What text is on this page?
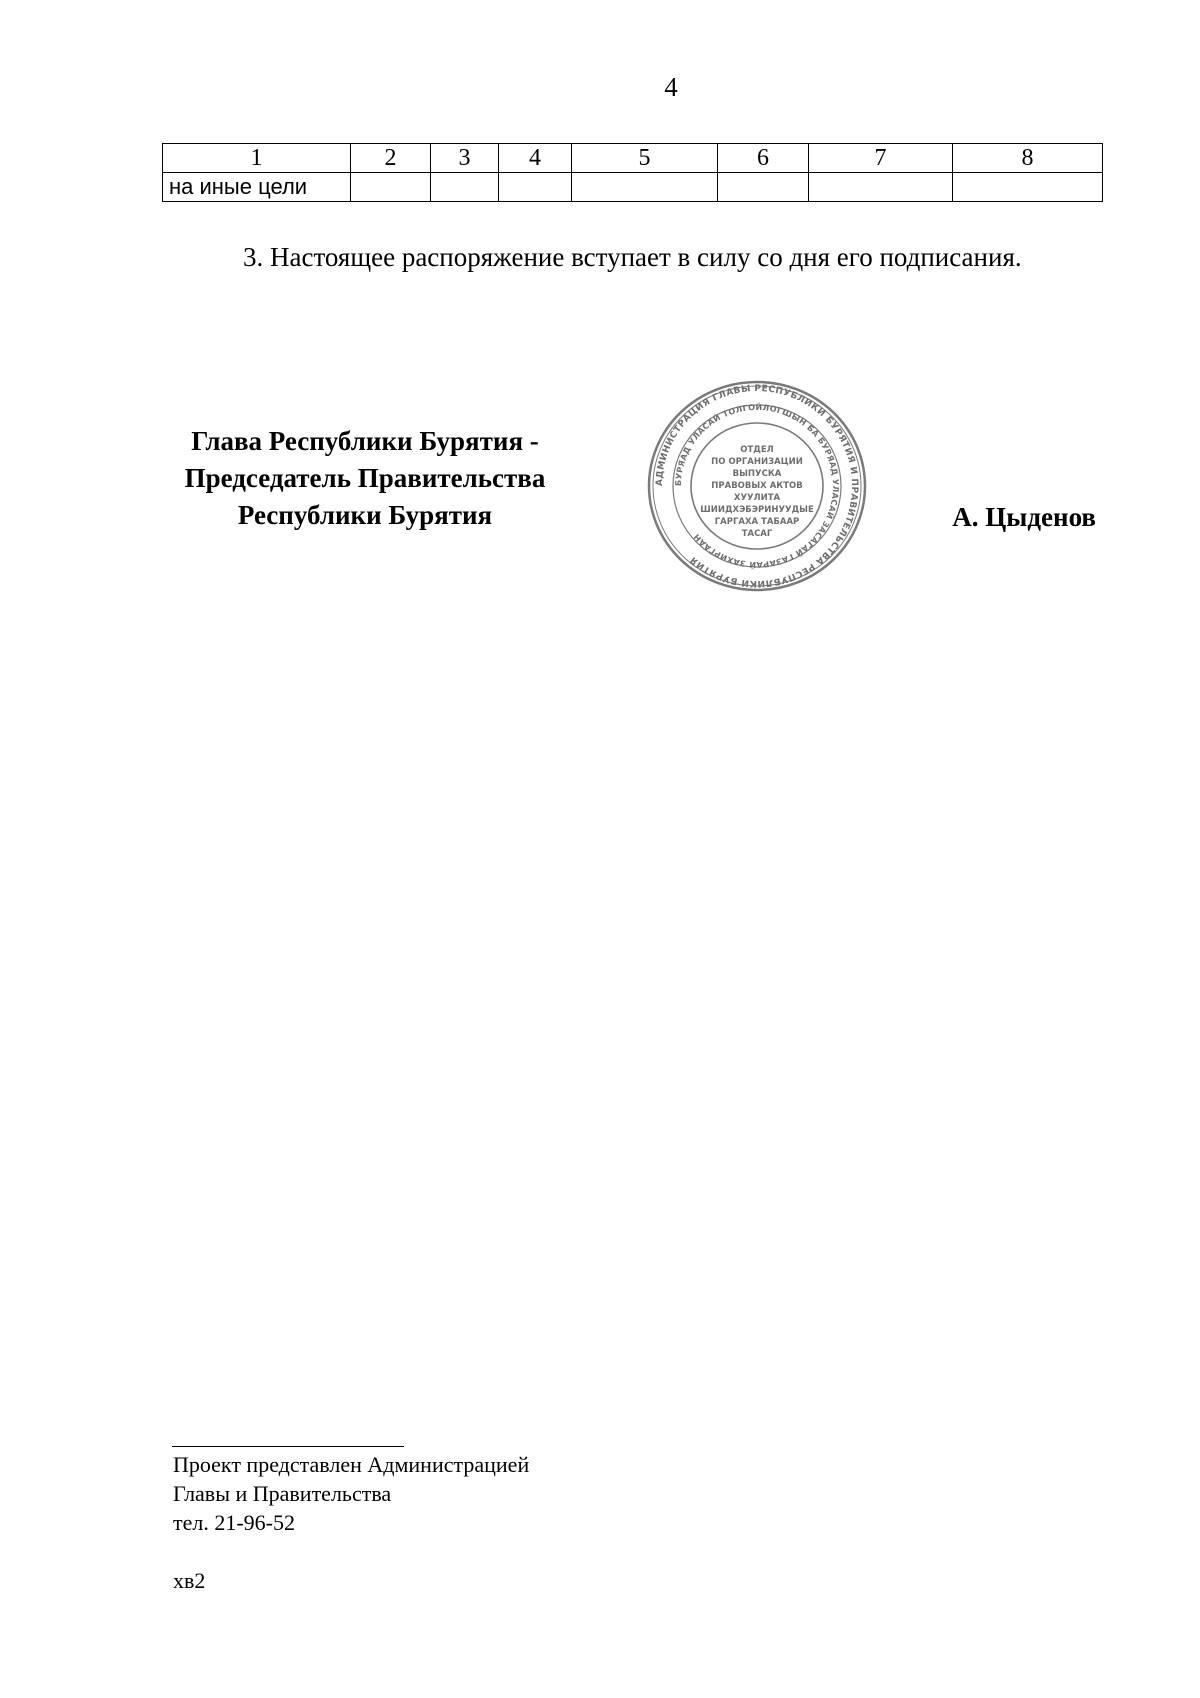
4
1	2	3	4	5	6	7	8
на иные цели							
3. Настоящее распоряжение вступает в силу со дня его подписания.
Глава Республики Бурятия -
Председатель Правительства
Республики Бурятия
АДМИНИСТРАЦИЯ ГЛАВЫ РЕСПУБЛИКИ БУРЯТИЯ И ПРАВИТЕЛЬСТВА РЕСПУБЛИКИ БУРЯТИЯ
БУРЯАД УЛАСАЙ ТОЛГОЙЛОГШЫН БА БУРЯАД УЛАСАЙ ЗАСАГАЙ ГАЗАРАЙ ЗАХИРГААН
ОТДЕЛ
ПО ОРГАНИЗАЦИИ
ВЫПУСКА
ПРАВОВЫХ АКТОВ
ХУУЛИТА
ШИИДХЭБЭРИНУУДЫЕ
ГАРГАХА ТАБААР
ТАСАГ
А. Цыденов
Проект представлен Администрацией
Главы и Правительства
тел. 21-96-52
хв2
